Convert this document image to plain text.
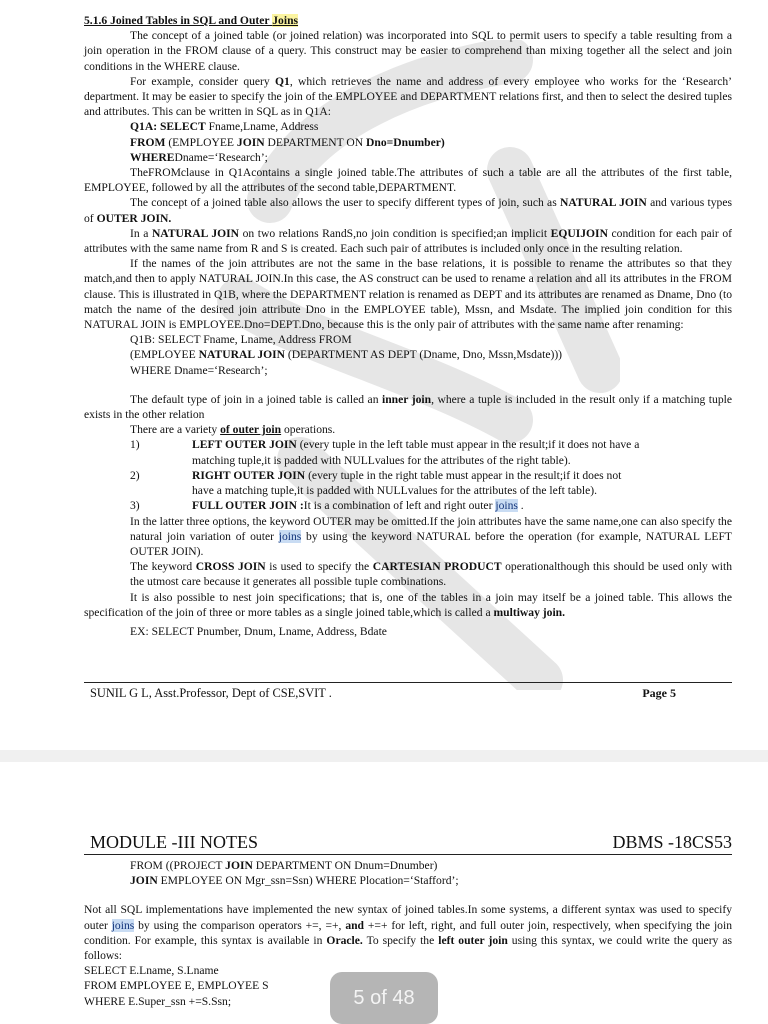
5.1.6 Joined Tables in SQL and Outer Joins

The concept of a joined table (or joined relation) was incorporated into SQL to permit users to specify a table resulting from a join operation in the FROM clause of a query. This construct may be easier to comprehend than mixing together all the select and join conditions in the WHERE clause.

For example, consider query Q1, which retrieves the name and address of every employee who works for the ‘Research’ department. It may be easier to specify the join of the EMPLOYEE and DEPARTMENT relations first, and then to select the desired tuples and attributes. This can be written in SQL as in Q1A:

Q1A: SELECT Fname,Lname, Address

FROM (EMPLOYEE JOIN DEPARTMENT ON Dno=Dnumber)

WHEREDname=‘Research’;

TheFROMclause in Q1Acontains a single joined table.The attributes of such a table are all the attributes of the first table, EMPLOYEE, followed by all the attributes of the second table,DEPARTMENT.

The concept of a joined table also allows the user to specify different types of join, such as NATURAL JOIN and various types of OUTER JOIN.

In a NATURAL JOIN on two relations RandS,no join condition is specified;an implicit EQUIJOIN condition for each pair of attributes with the same name from R and S is created. Each such pair of attributes is included only once in the resulting relation.

If the names of the join attributes are not the same in the base relations, it is possible to rename the attributes so that they match,and then to apply NATURAL JOIN.In this case, the AS construct can be used to rename a relation and all its attributes in the FROM clause. This is illustrated in Q1B, where the DEPARTMENT relation is renamed as DEPT and its attributes are renamed as Dname, Dno (to match the name of the desired join attribute Dno in the EMPLOYEE table), Mssn, and Msdate. The implied join condition for this NATURAL JOIN is EMPLOYEE.Dno=DEPT.Dno, because this is the only pair of attributes with the same name after renaming:

Q1B: SELECT Fname, Lname, Address FROM

(EMPLOYEE NATURAL JOIN (DEPARTMENT AS DEPT (Dname, Dno, Mssn,Msdate)))

WHERE Dname=‘Research’;

The default type of join in a joined table is called an inner join, where a tuple is included in the result only if a matching tuple exists in the other relation

There are a variety of outer join operations.

1)	LEFT OUTER JOIN (every tuple in the left table must appear in the result;if it does not have a

matching tuple,it is padded with NULLvalues for the attributes of the right table).

2)	RIGHT OUTER JOIN (every tuple in the right table must appear in the result;if it does not

have a matching tuple,it is padded with NULLvalues for the attributes of the left table).

3)	FULL OUTER JOIN :It is a combination of left and right outer joins .

In the latter three options, the keyword OUTER may be omitted.If the join attributes have the same name,one can also specify the natural join variation of outer joins by using the keyword NATURAL before the operation (for example, NATURAL LEFT OUTER JOIN).

The keyword CROSS JOIN is used to specify the CARTESIAN PRODUCT operationalthough this should be used only with the utmost care because it generates all possible tuple combinations.

It is also possible to nest join specifications; that is, one of the tables in a join may itself be a joined table. This allows the specification of the join of three or more tables as a single joined table,which is called a multiway join.

EX: SELECT Pnumber, Dnum, Lname, Address, Bdate

SUNIL G L, Asst.Professor, Dept of CSE,SVIT .	Page 5
MODULE -III NOTES	DBMS -18CS53

FROM ((PROJECT JOIN DEPARTMENT ON Dnum=Dnumber)

JOIN EMPLOYEE ON Mgr_ssn=Ssn) WHERE Plocation=‘Stafford’;

Not all SQL implementations have implemented the new syntax of joined tables.In some systems, a different syntax was used to specify outer joins by using the comparison operators +=, =+, and +=+ for left, right, and full outer join, respectively, when specifying the join condition. For example, this syntax is available in Oracle. To specify the left outer join using this syntax, we could write the query as follows:

SELECT E.Lname, S.Lname

FROM EMPLOYEE E, EMPLOYEE S

WHERE E.Super_ssn +=S.Ssn;	5 of 48
